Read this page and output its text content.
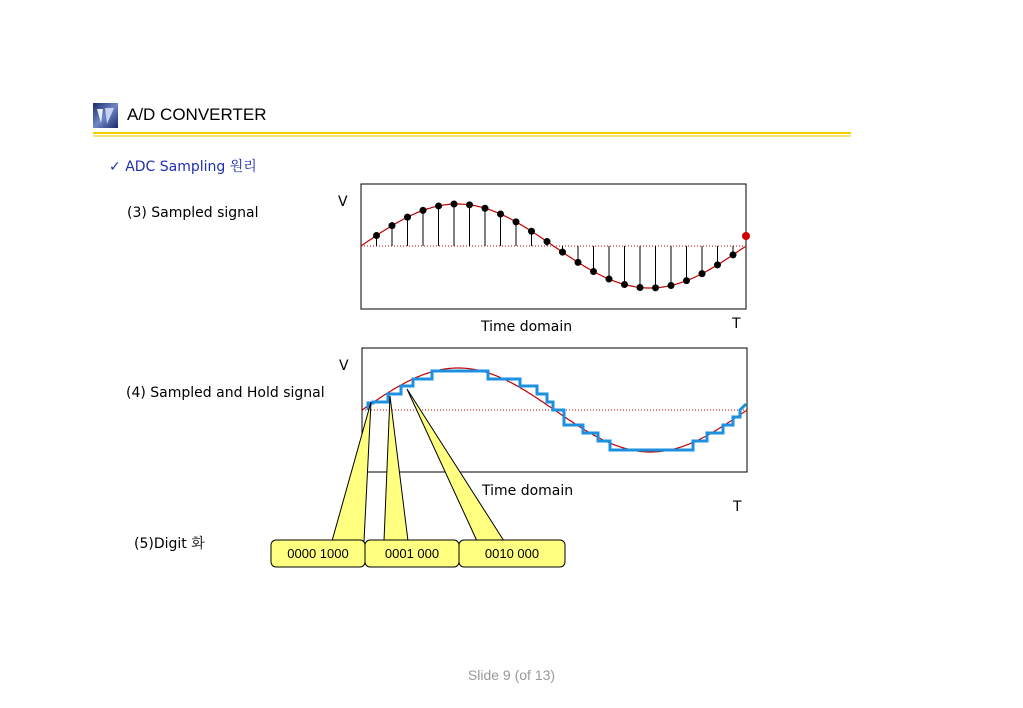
A/D CONVERTER
✓ ADC Sampling 원리
(3) Sampled signal
(4) Sampled and Hold signal
(5)Digit 화
V
Time domain	T
V
Time domain
T
0000 1000	0001 000	0010 000
Slide 9 (of 13)
